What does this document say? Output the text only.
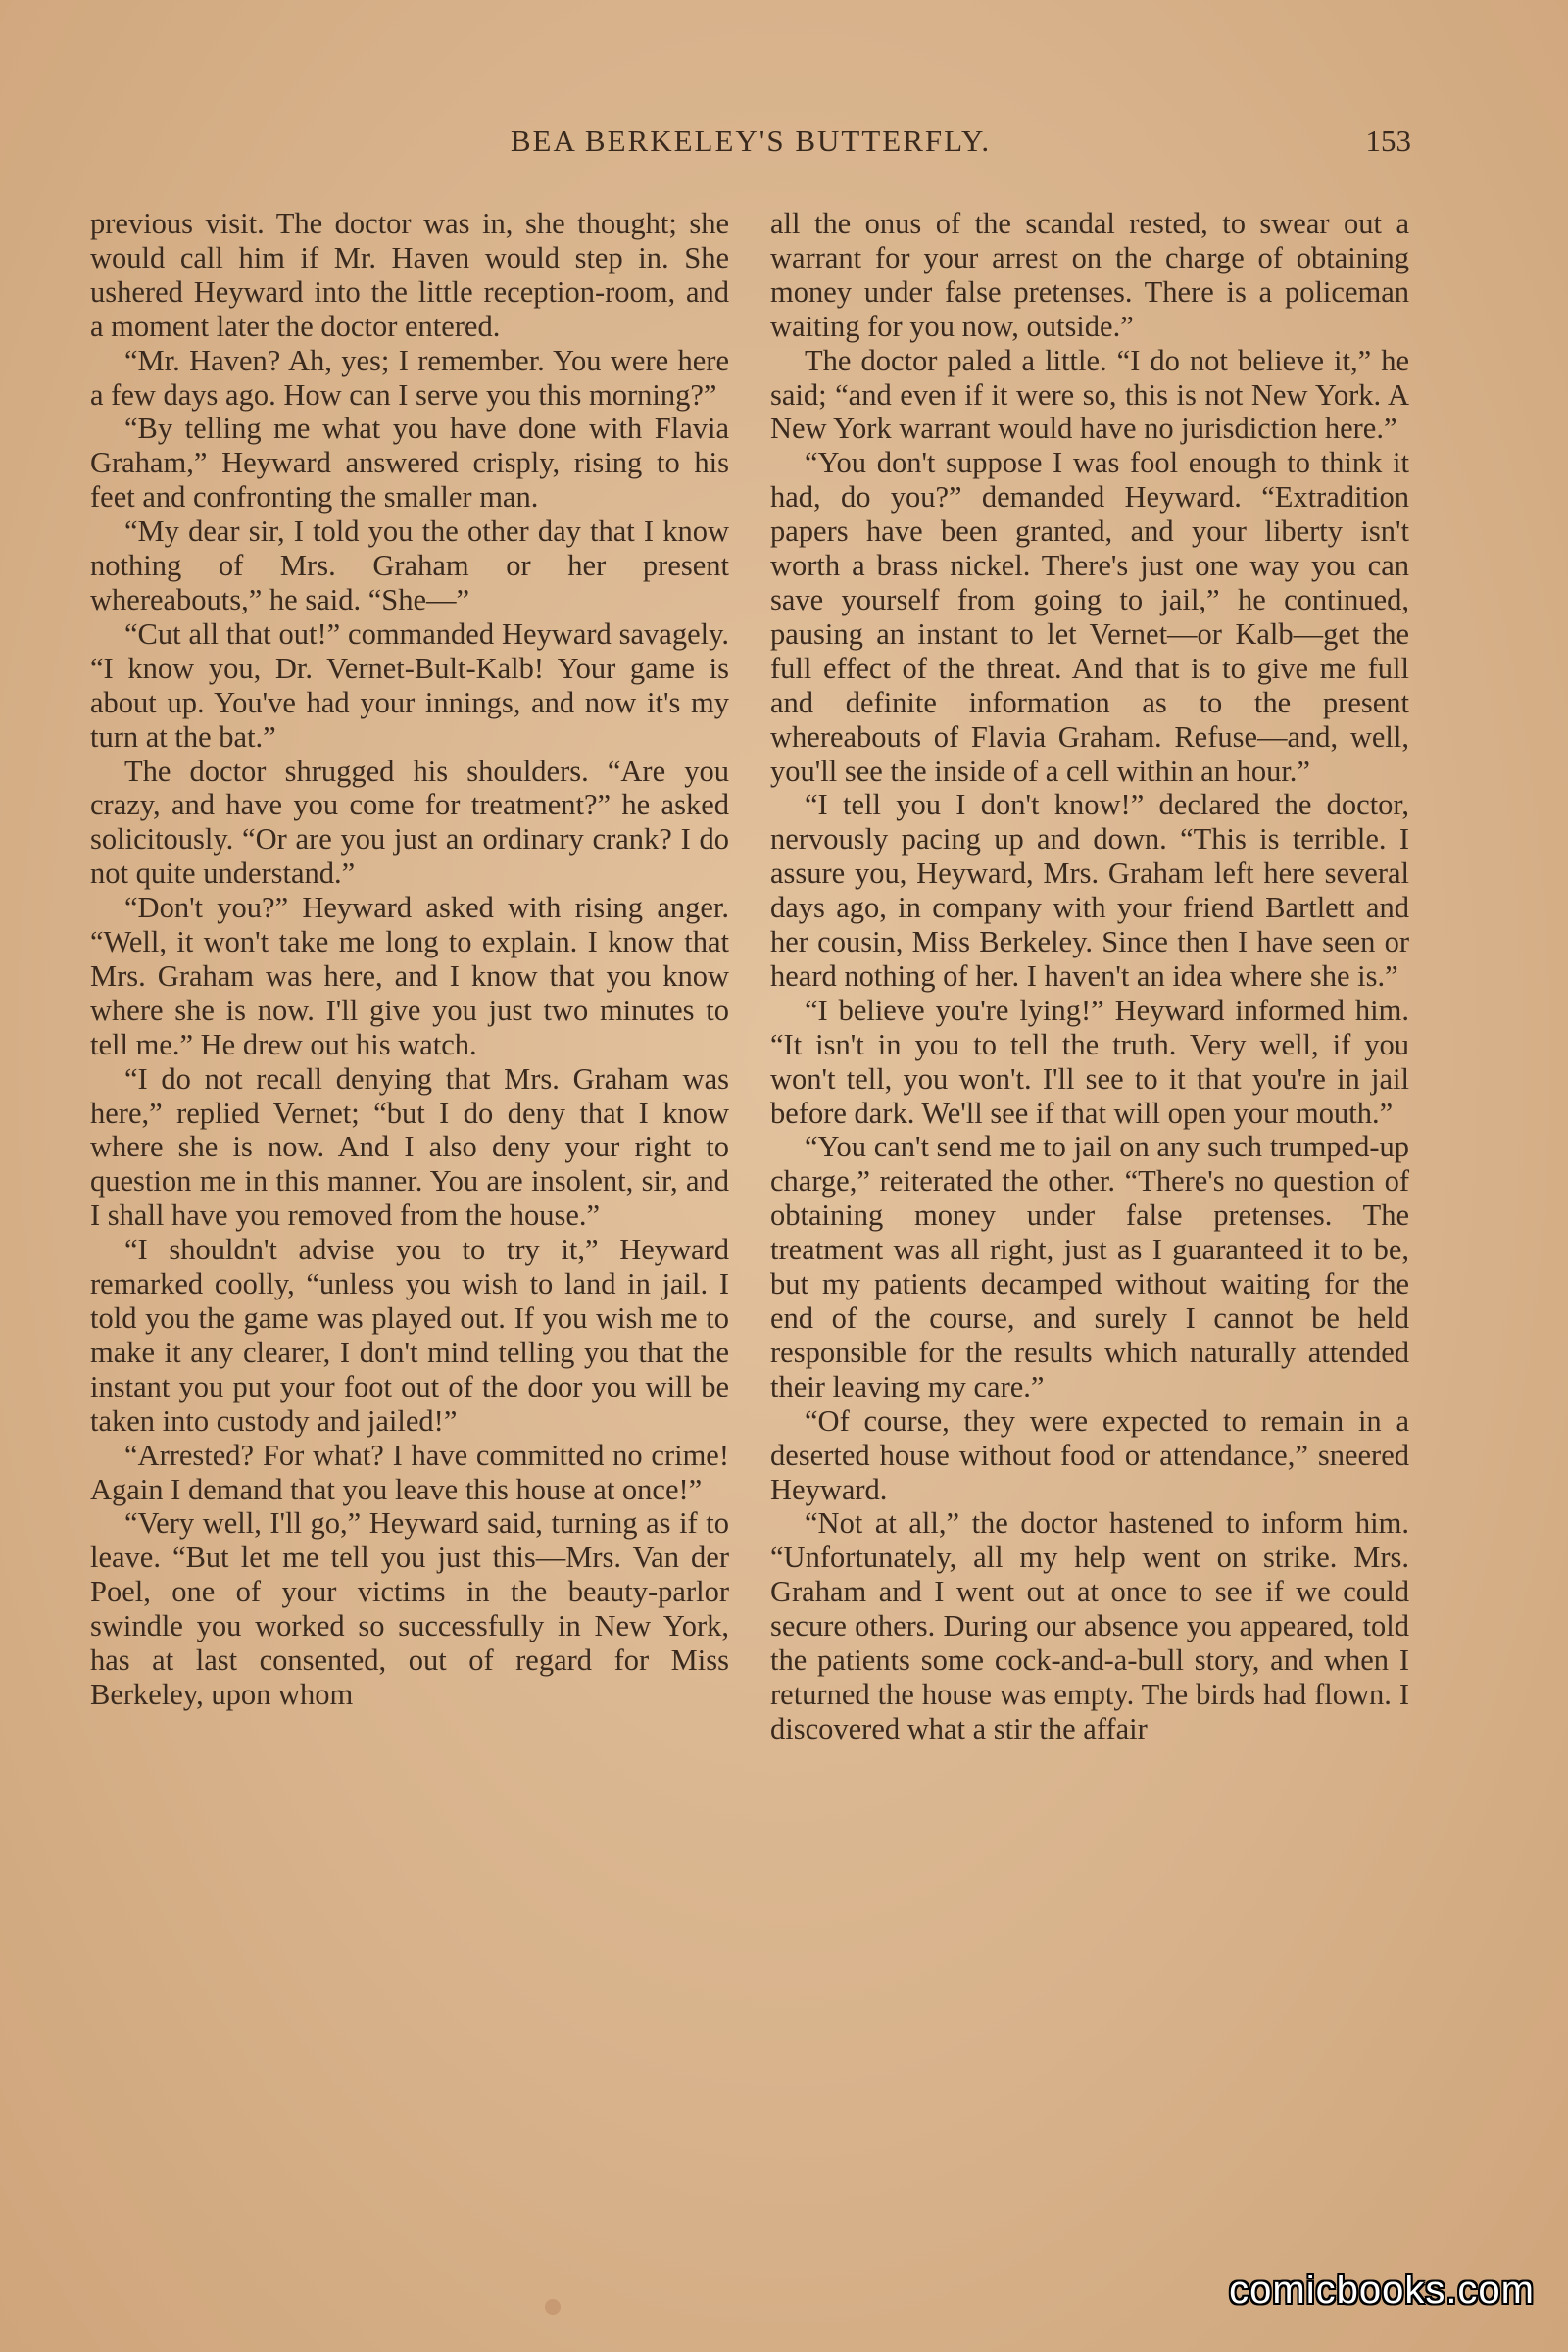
BEA BERKELEY'S BUTTERFLY.	153

previous visit. The doctor was in, she thought; she would call him if Mr. Haven would step in. She ushered Heyward into the little reception-room, and a moment later the doctor entered.

“Mr. Haven? Ah, yes; I remember. You were here a few days ago. How can I serve you this morning?”

“By telling me what you have done with Flavia Graham,” Heyward answered crisply, rising to his feet and confronting the smaller man.

“My dear sir, I told you the other day that I know nothing of Mrs. Graham or her present whereabouts,” he said. “She—”

“Cut all that out!” commanded Heyward savagely. “I know you, Dr. Vernet-Bult-Kalb! Your game is about up. You've had your innings, and now it's my turn at the bat.”

The doctor shrugged his shoulders. “Are you crazy, and have you come for treatment?” he asked solicitously. “Or are you just an ordinary crank? I do not quite understand.”

“Don't you?” Heyward asked with rising anger. “Well, it won't take me long to explain. I know that Mrs. Graham was here, and I know that you know where she is now. I'll give you just two minutes to tell me.” He drew out his watch.

“I do not recall denying that Mrs. Graham was here,” replied Vernet; “but I do deny that I know where she is now. And I also deny your right to question me in this manner. You are insolent, sir, and I shall have you removed from the house.”

“I shouldn't advise you to try it,” Heyward remarked coolly, “unless you wish to land in jail. I told you the game was played out. If you wish me to make it any clearer, I don't mind telling you that the instant you put your foot out of the door you will be taken into custody and jailed!”

“Arrested? For what? I have committed no crime! Again I demand that you leave this house at once!”

“Very well, I'll go,” Heyward said, turning as if to leave. “But let me tell you just this—Mrs. Van der Poel, one of your victims in the beauty-parlor swindle you worked so successfully in New York, has at last consented, out of regard for Miss Berkeley, upon whom

all the onus of the scandal rested, to swear out a warrant for your arrest on the charge of obtaining money under false pretenses. There is a policeman waiting for you now, outside.”

The doctor paled a little. “I do not believe it,” he said; “and even if it were so, this is not New York. A New York warrant would have no jurisdiction here.”

“You don't suppose I was fool enough to think it had, do you?” demanded Heyward. “Extradition papers have been granted, and your liberty isn't worth a brass nickel. There's just one way you can save yourself from going to jail,” he continued, pausing an instant to let Vernet—or Kalb—get the full effect of the threat. And that is to give me full and definite information as to the present whereabouts of Flavia Graham. Refuse—and, well, you'll see the inside of a cell within an hour.”

“I tell you I don't know!” declared the doctor, nervously pacing up and down. “This is terrible. I assure you, Heyward, Mrs. Graham left here several days ago, in company with your friend Bartlett and her cousin, Miss Berkeley. Since then I have seen or heard nothing of her. I haven't an idea where she is.”

“I believe you're lying!” Heyward informed him. “It isn't in you to tell the truth. Very well, if you won't tell, you won't. I'll see to it that you're in jail before dark. We'll see if that will open your mouth.”

“You can't send me to jail on any such trumped-up charge,” reiterated the other. “There's no question of obtaining money under false pretenses. The treatment was all right, just as I guaranteed it to be, but my patients decamped without waiting for the end of the course, and surely I cannot be held responsible for the results which naturally attended their leaving my care.”

“Of course, they were expected to remain in a deserted house without food or attendance,” sneered Heyward.

“Not at all,” the doctor hastened to inform him. “Unfortunately, all my help went on strike. Mrs. Graham and I went out at once to see if we could secure others. During our absence you appeared, told the patients some cock-and-a-bull story, and when I returned the house was empty. The birds had flown. I discovered what a stir the affair

comicbooks.com
